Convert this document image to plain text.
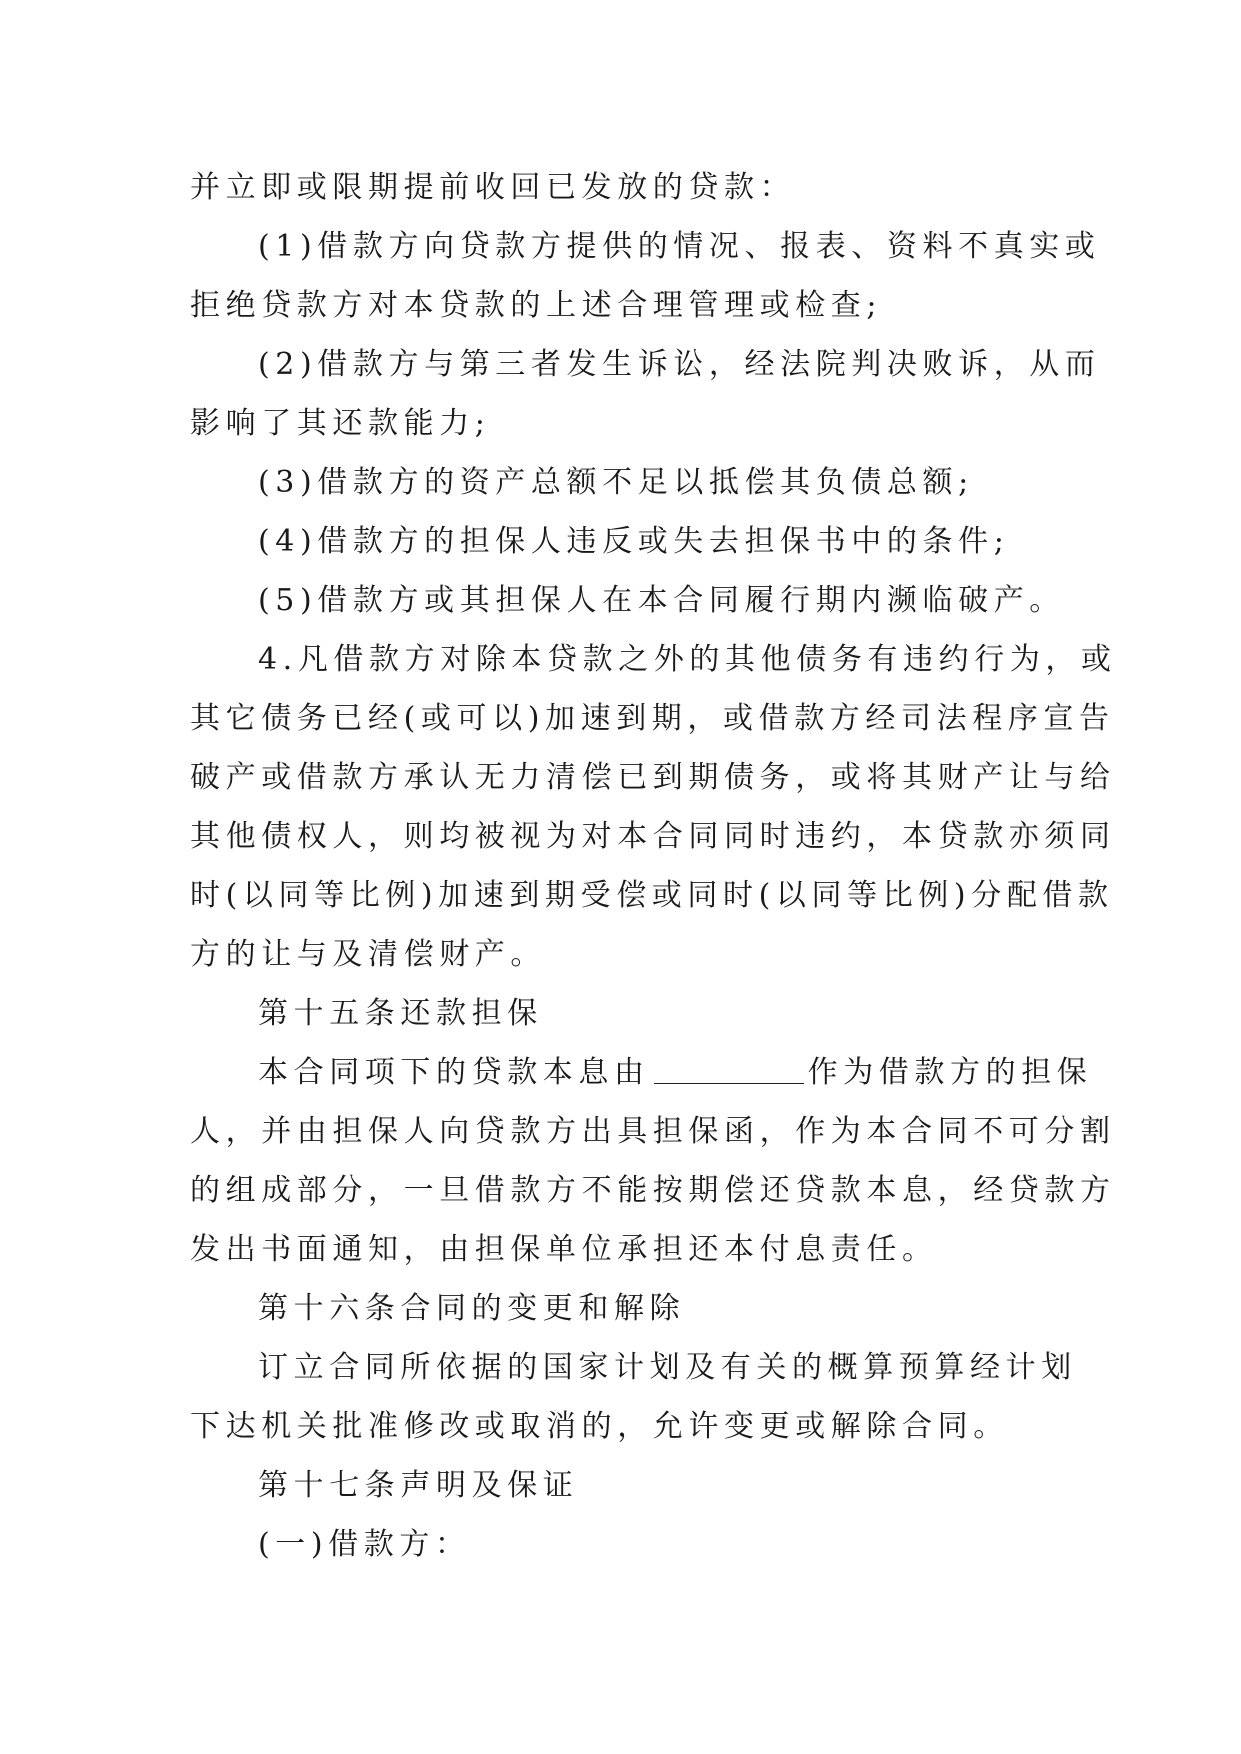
并立即或限期提前收回已发放的贷款：
(1)借款方向贷款方提供的情况、报表、资料不真实或
拒绝贷款方对本贷款的上述合理管理或检查;
(2)借款方与第三者发生诉讼，经法院判决败诉，从而
影响了其还款能力;
(3)借款方的资产总额不足以抵偿其负债总额;
(4)借款方的担保人违反或失去担保书中的条件;
(5)借款方或其担保人在本合同履行期内濒临破产。
4.凡借款方对除本贷款之外的其他债务有违约行为，或
其它债务已经(或可以)加速到期，或借款方经司法程序宣告
破产或借款方承认无力清偿已到期债务，或将其财产让与给
其他债权人，则均被视为对本合同同时违约，本贷款亦须同
时(以同等比例)加速到期受偿或同时(以同等比例)分配借款
方的让与及清偿财产。
第十五条还款担保
本合同项下的贷款本息由	作为借款方的担保
人，并由担保人向贷款方出具担保函，作为本合同不可分割
的组成部分，一旦借款方不能按期偿还贷款本息，经贷款方
发出书面通知，由担保单位承担还本付息责任。
第十六条合同的变更和解除
订立合同所依据的国家计划及有关的概算预算经计划
下达机关批准修改或取消的，允许变更或解除合同。
第十七条声明及保证
(一)借款方：
